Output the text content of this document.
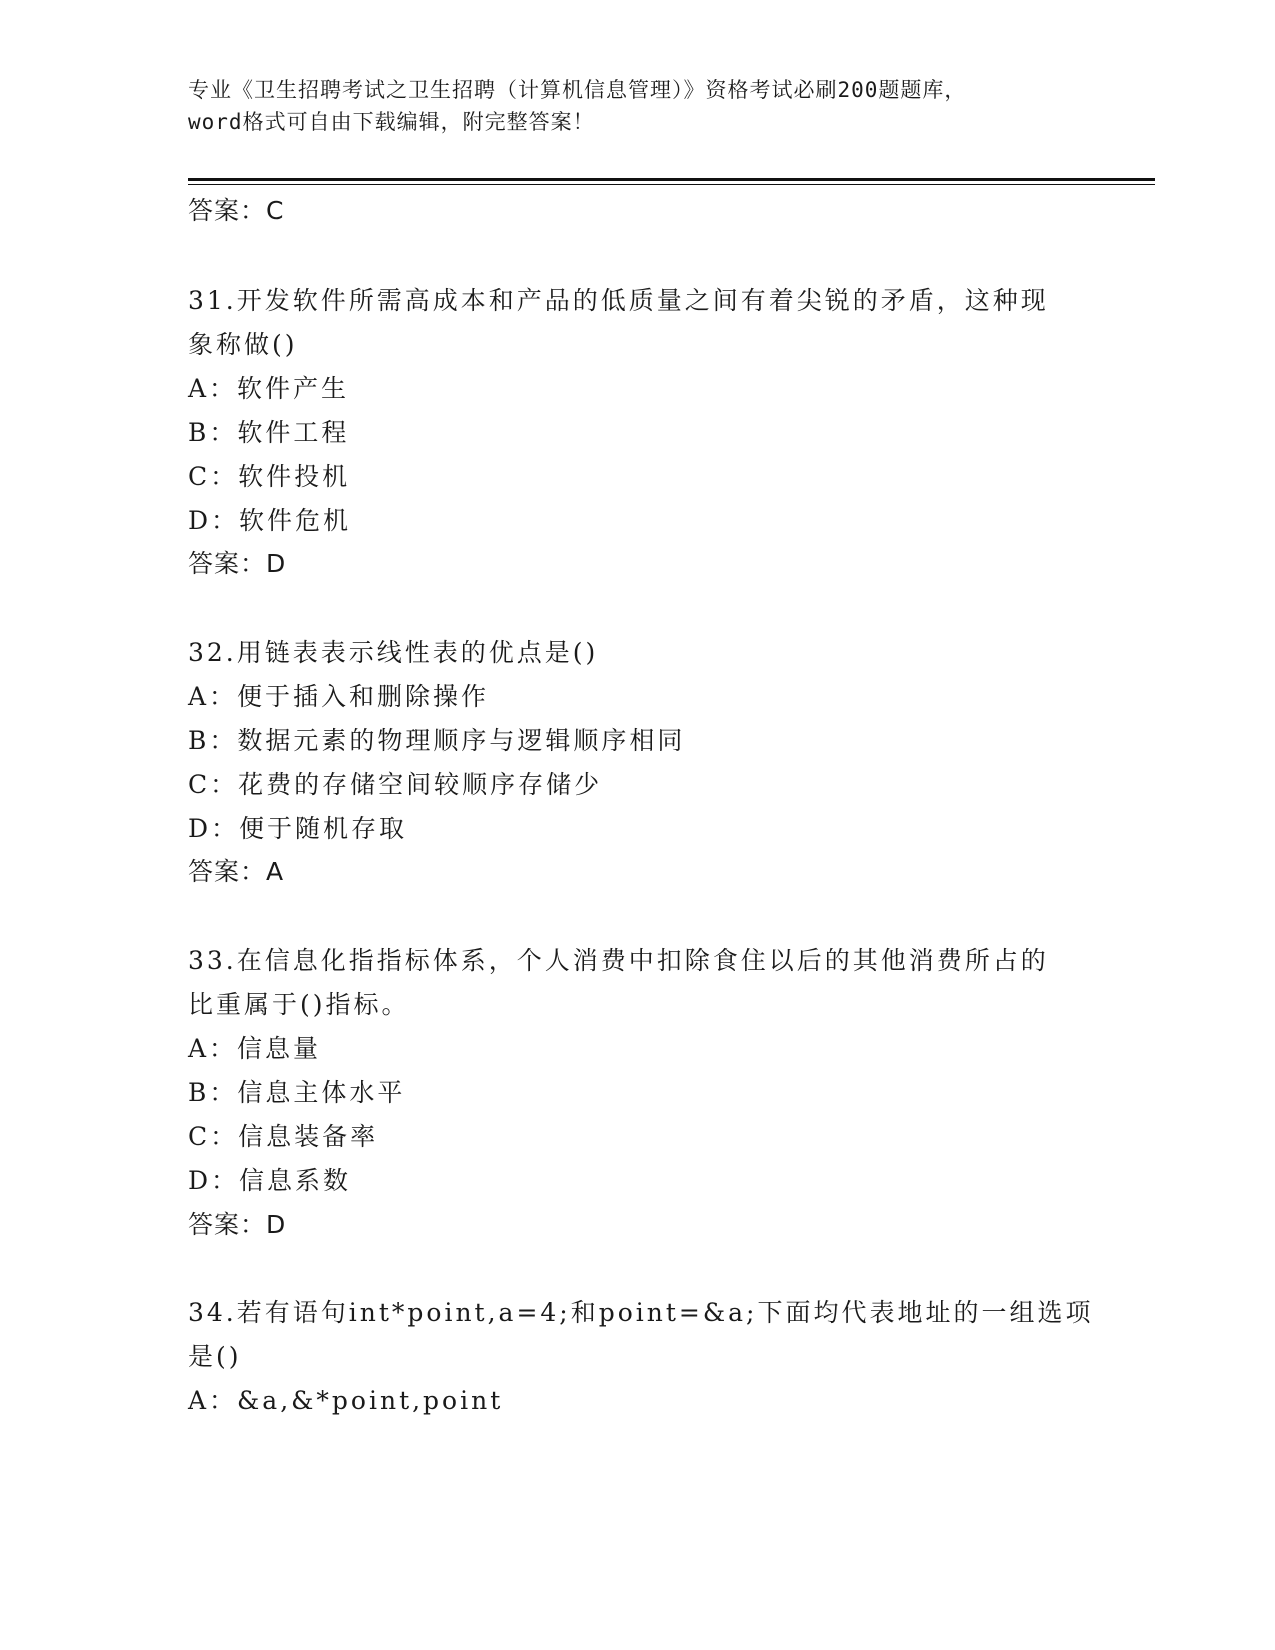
专业《卫生招聘考试之卫生招聘（计算机信息管理）》资格考试必刷200题题库，
word格式可自由下载编辑，附完整答案！
答案：C
31.开发软件所需高成本和产品的低质量之间有着尖锐的矛盾，这种现
象称做()
A：软件产生
B：软件工程
C：软件投机
D：软件危机
答案：D
32.用链表表示线性表的优点是()
A：便于插入和删除操作
B：数据元素的物理顺序与逻辑顺序相同
C：花费的存储空间较顺序存储少
D：便于随机存取
答案：A
33.在信息化指指标体系，个人消费中扣除食住以后的其他消费所占的
比重属于()指标。
A：信息量
B：信息主体水平
C：信息装备率
D：信息系数
答案：D
34.若有语句int*point,a=4;和point=&a;下面均代表地址的一组选项
是()
A：&a,&*point,point
